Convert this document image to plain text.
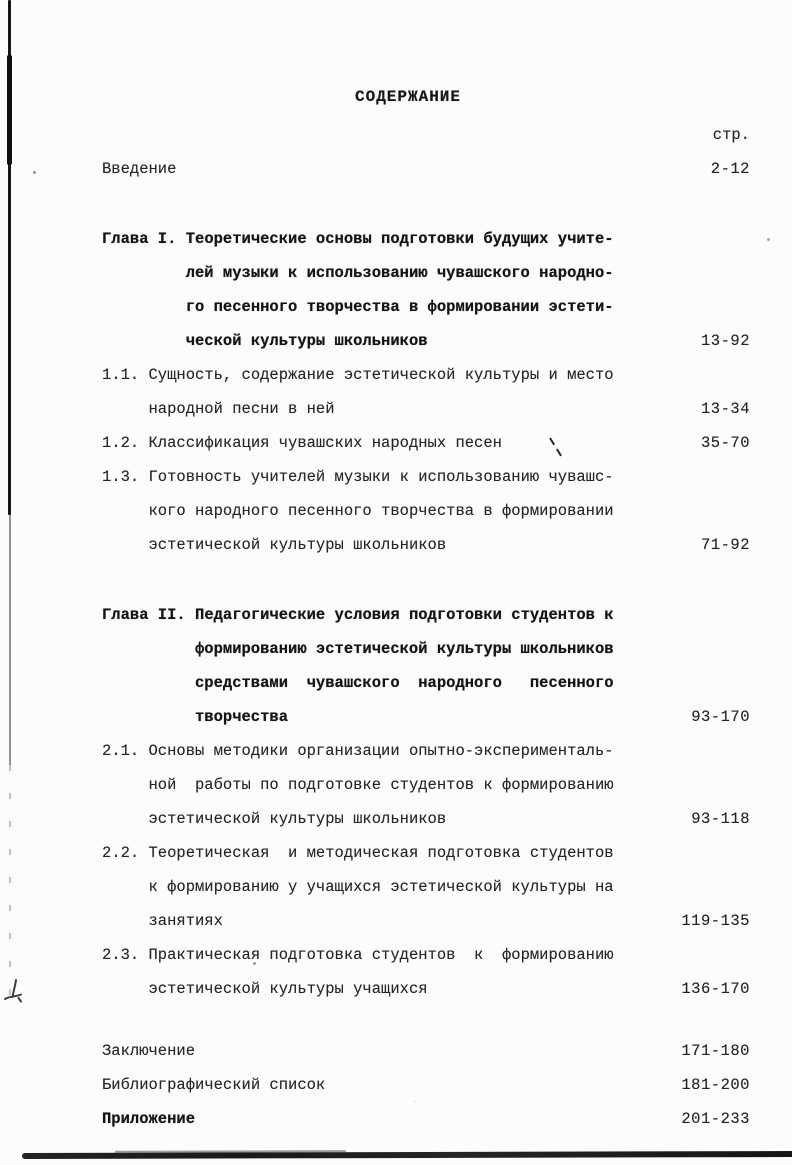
СОДЕРЖАНИЕ
стр.
Введение	2-12
Глава I. Теоретические основы подготовки будущих учите-
лей музыки к использованию чувашского народно-
го песенного творчества в формировании эстети-
ческой культуры школьников	13-92
1.1. Сущность, содержание эстетической культуры и место
народной песни в ней	13-34
1.2. Классификация чувашских народных песен	35-70
1.3. Готовность учителей музыки к использованию чувашс-
кого народного песенного творчества в формировании
эстетической культуры школьников	71-92
Глава II. Педагогические условия подготовки студентов к
формированию эстетической культуры школьников
средствами  чувашского  народного   песенного
творчества	93-170
2.1. Основы методики организации опытно-эксперименталь-
ной  работы по подготовке студентов к формированию
эстетической культуры школьников	93-118
2.2. Теоретическая  и методическая подготовка студентов
к формированию у учащихся эстетической культуры на
занятиях	119-135
2.3. Практическая подготовка студентов  к  формированию
эстетической культуры учащихся	136-170
Заключение	171-180
Библиографический список	181-200
Приложение	201-233
